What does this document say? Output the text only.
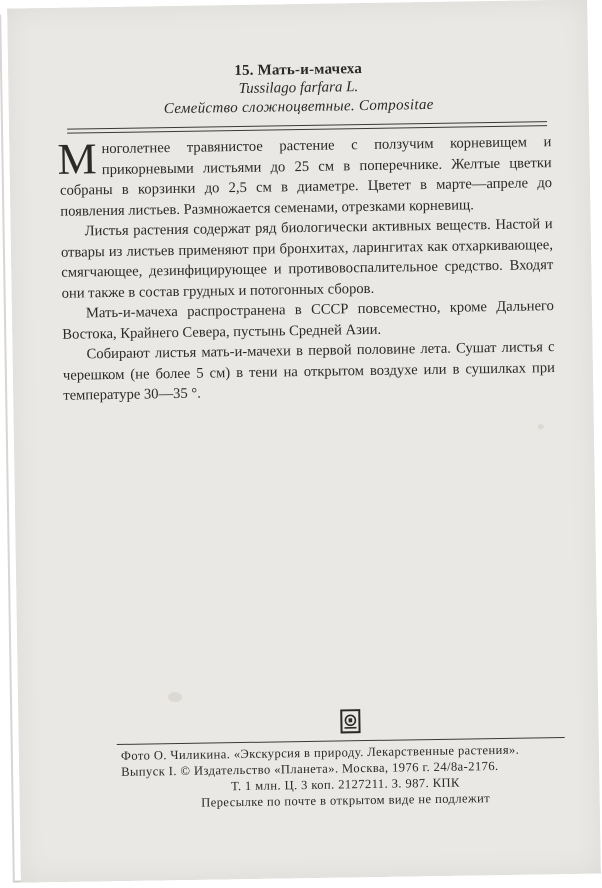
15. Мать-и-мачеха
Tussilago farfara L.
Семейство сложноцветные. Compositae

Многолетнее травянистое растение с ползучим корневищем и прикорневыми листьями до 25 см в поперечнике. Желтые цветки собраны в корзинки до 2,5 см в диаметре. Цветет в марте—апреле до появления листьев. Размножается семенами, отрезками корневищ.

Листья растения содержат ряд биологически активных веществ. Настой и отвары из листьев применяют при бронхитах, ларингитах как отхаркивающее, смягчающее, дезинфицирующее и противовоспалительное средство. Входят они также в состав грудных и потогонных сборов.

Мать-и-мачеха распространена в СССР повсеместно, кроме Дальнего Востока, Крайнего Севера, пустынь Средней Азии.

Собирают листья мать-и-мачехи в первой половине лета. Сушат листья с черешком (не более 5 см) в тени на открытом воздухе или в сушилках при температуре 30—35 °.

Фото О. Чиликина. «Экскурсия в природу. Лекарственные растения».
Выпуск I. © Издательство «Планета». Москва, 1976 г. 24/8а-2176.
Т. 1 млн. Ц. 3 коп. 2127211. З. 987. КПК
Пересылке по почте в открытом виде не подлежит
